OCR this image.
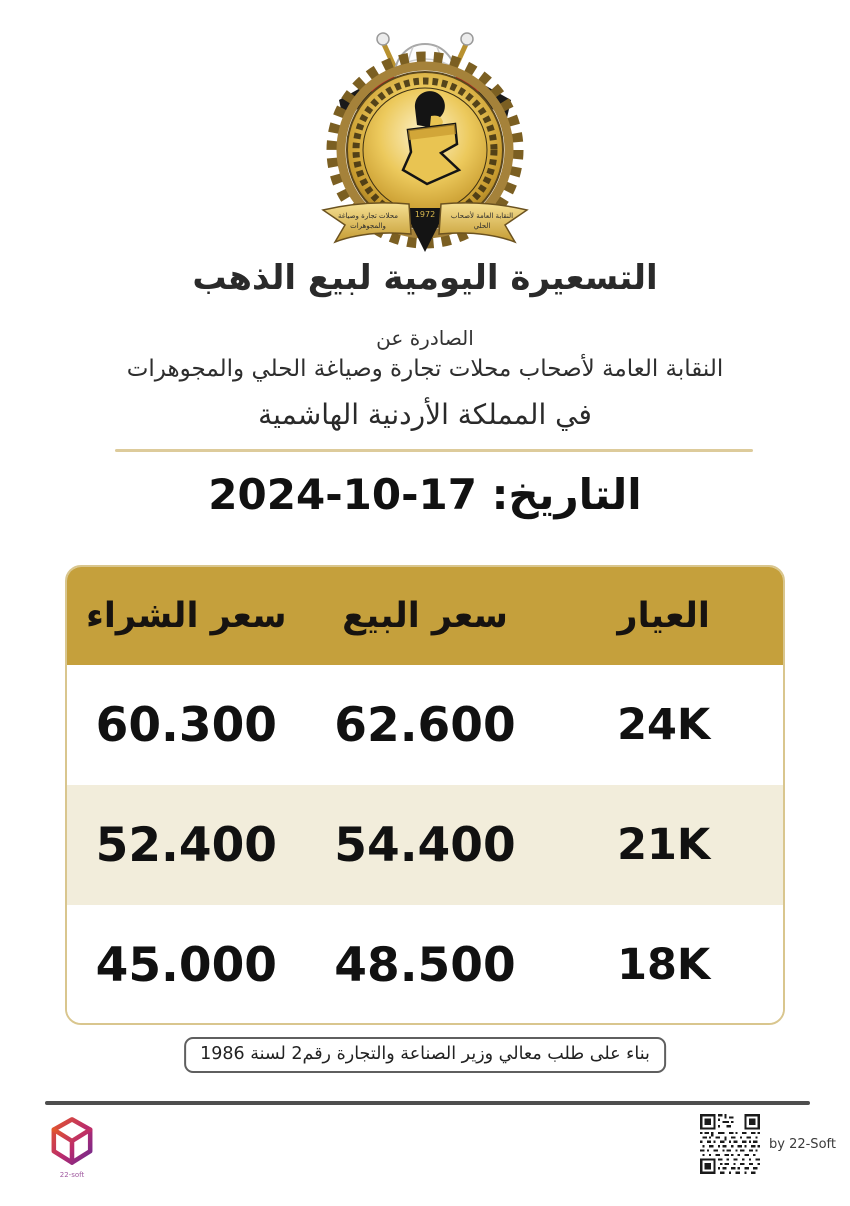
1972
محلات تجارة وصياغة
والمجوهرات
النقابة العامة لأصحاب
الحلي
التسعيرة اليومية لبيع الذهب
الصادرة عن
النقابة العامة لأصحاب محلات تجارة وصياغة الحلي والمجوهرات
في المملكة الأردنية الهاشمية
التاريخ: 17-10-2024
العيار
سعر البيع
سعر الشراء
24K
62.600
60.300
21K
54.400
52.400
18K
48.500
45.000
بناء على طلب معالي وزير الصناعة والتجارة رقم2 لسنة 1986
22-soft
by 22-Soft
